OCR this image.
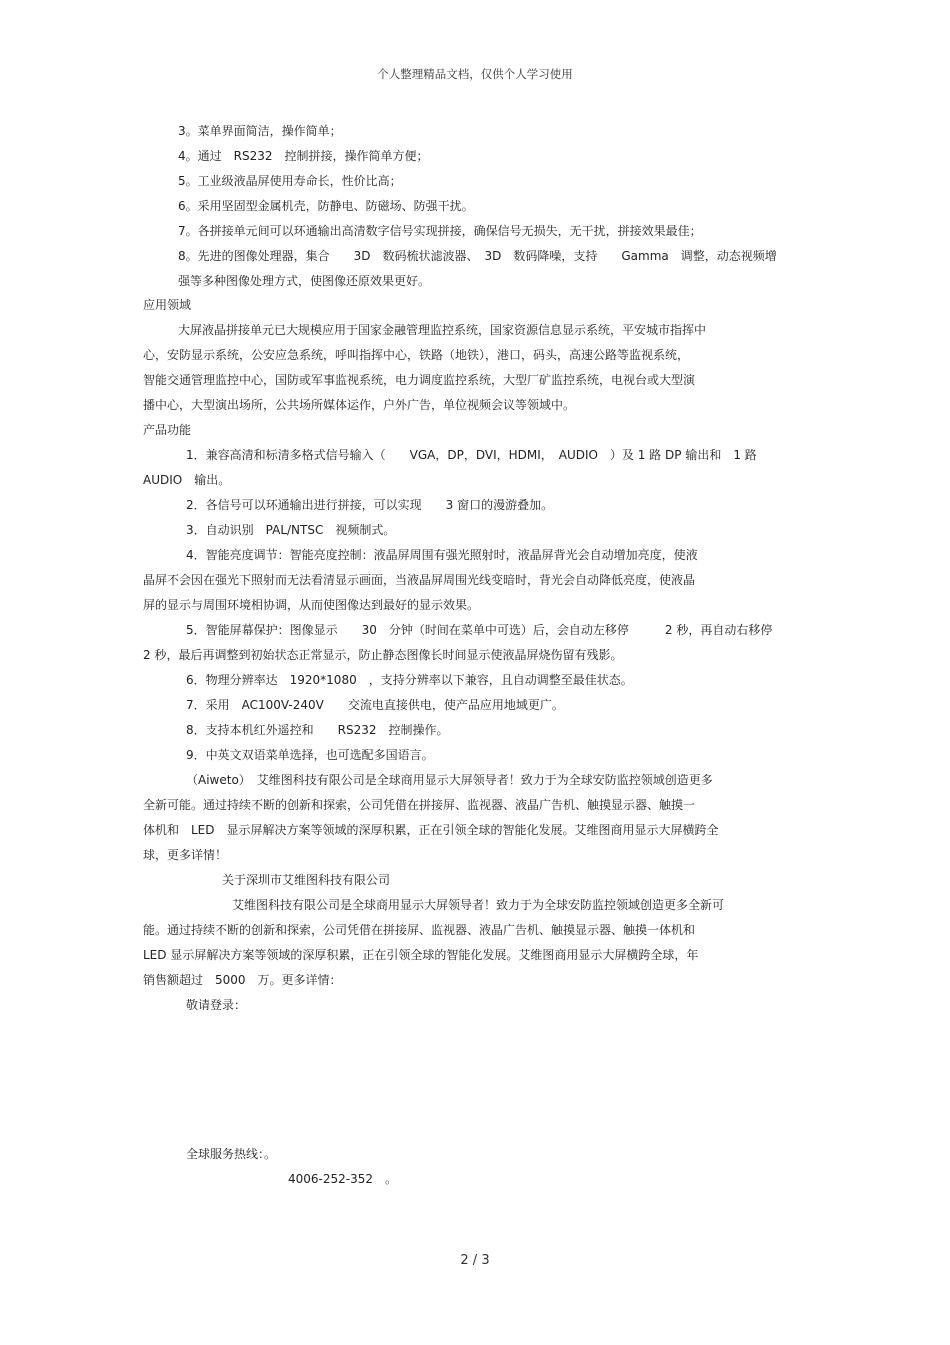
个人整理精品文档，仅供个人学习使用
3。菜单界面简洁，操作简单；
4。通过　RS232　控制拼接，操作简单方便；
5。工业级液晶屏使用寿命长，性价比高；
6。采用坚固型金属机壳，防静电、防磁场、防强干扰。
7。各拼接单元间可以环通输出高清数字信号实现拼接，确保信号无损失，无干扰，拼接效果最佳；
8。先进的图像处理器，集合　　3D　数码梳状滤波器、　3D　数码降噪，支持　　Gamma　调整，动态视频增
强等多种图像处理方式，使图像还原效果更好。
应用领域
大屏液晶拼接单元已大规模应用于国家金融管理监控系统，国家资源信息显示系统，平安城市指挥中
心，安防显示系统，公安应急系统，呼叫指挥中心，铁路（地铁），港口，码头，高速公路等监视系统，
智能交通管理监控中心，国防或军事监视系统，电力调度监控系统，大型厂矿监控系统，电视台或大型演
播中心，大型演出场所，公共场所媒体运作，户外广告，单位视频会议等领域中。
产品功能
1．兼容高清和标清多格式信号输入（　　VGA，DP，DVI，HDMI，　AUDIO　）及 1 路 DP 输出和　1 路
AUDIO　输出。
2．各信号可以环通输出进行拼接，可以实现　　3 窗口的漫游叠加。
3．自动识别　PAL/NTSC　视频制式。
4．智能亮度调节：智能亮度控制：液晶屏周围有强光照射时，液晶屏背光会自动增加亮度，使液
晶屏不会因在强光下照射而无法看清显示画面，当液晶屏周围光线变暗时，背光会自动降低亮度，使液晶
屏的显示与周围环境相协调，从而使图像达到最好的显示效果。
5．智能屏幕保护：图像显示　　30　分钟（时间在菜单中可选）后，会自动左移停　　　2 秒，再自动右移停
2 秒，最后再调整到初始状态正常显示，防止静态图像长时间显示使液晶屏烧伤留有残影。
6．物理分辨率达　1920*1080　，支持分辨率以下兼容，且自动调整至最佳状态。
7．采用　AC100V-240V　　交流电直接供电，使产品应用地域更广。
8．支持本机红外遥控和　　RS232　控制操作。
9．中英文双语菜单选择，也可选配多国语言。
（Aiweto）　艾维图科技有限公司是全球商用显示大屏领导者！致力于为全球安防监控领域创造更多
全新可能。通过持续不断的创新和探索，公司凭借在拼接屏、监视器、液晶广告机、触摸显示器、触摸一
体机和　LED　显示屏解决方案等领域的深厚积累，正在引领全球的智能化发展。艾维图商用显示大屏横跨全
球，更多详情！
关于深圳市艾维图科技有限公司
艾维图科技有限公司是全球商用显示大屏领导者！致力于为全球安防监控领域创造更多全新可
能。通过持续不断的创新和探索，公司凭借在拼接屏、监视器、液晶广告机、触摸显示器、触摸一体机和
LED 显示屏解决方案等领域的深厚积累，正在引领全球的智能化发展。艾维图商用显示大屏横跨全球，年
销售额超过　5000　万。更多详情：
敬请登录：
全球服务热线：。
4006-252-352　。
2 / 3
